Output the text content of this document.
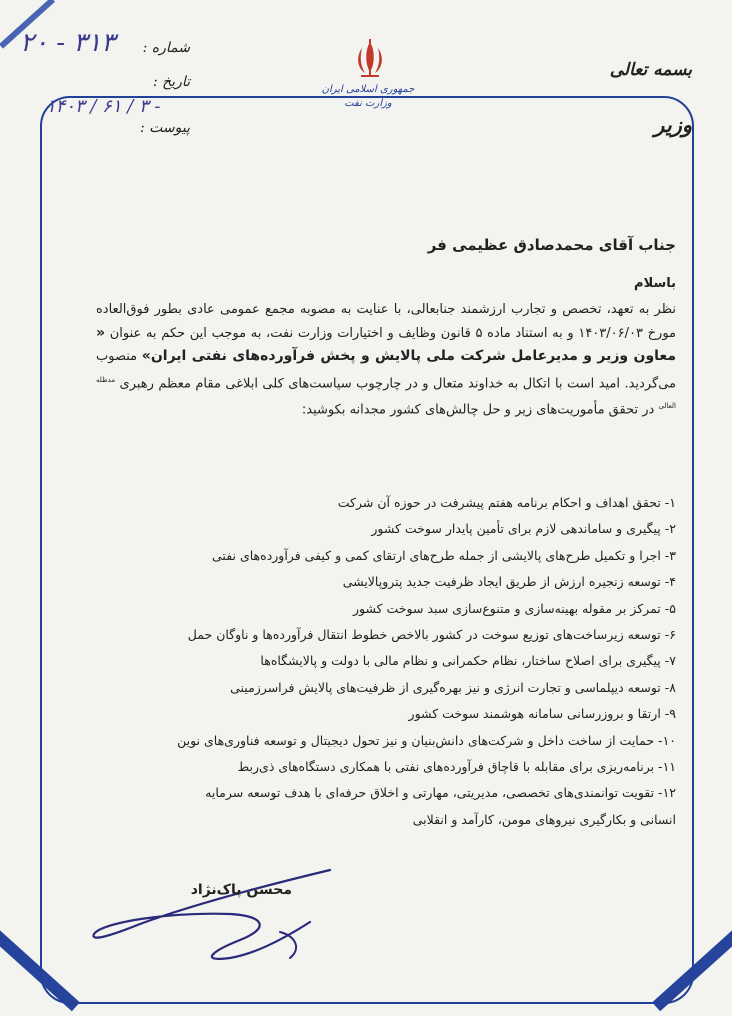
جمهوری اسلامی ایران
وزارت نفت
بسمه تعالی
وزیر
شماره :
۲۰ - ۳۱۳
تاریخ :
۱۴۰۳ / ۶۱ / ۳ -
پیوست :
جناب آقای محمدصادق عظیمی فر
باسلام
نظر به تعهد، تخصص و تجارب ارزشمند جنابعالی، با عنایت به مصوبه مجمع عمومی عادی بطور فوق‌العاده مورخ ۱۴۰۳/۰۶/۰۳ و به استناد ماده ۵ قانون وظایف و اختیارات وزارت نفت، به موجب این حکم به عنوان « معاون وزیر و مدیرعامل شرکت ملی پالایش و پخش فرآورده‌های نفتی ایران» منصوب می‌گردید. امید است با اتکال به خداوند متعال و در چارچوب سیاست‌های کلی ابلاغی مقام معظم رهبری $^{مدظله العالی}$ در تحقق مأموریت‌های زیر و حل چالش‌های کشور مجدانه بکوشید:
۱- تحقق اهداف و احکام برنامه هفتم پیشرفت در حوزه آن شرکت
۲- پیگیری و ساماندهی لازم برای تأمین پایدار سوخت کشور
۳- اجرا و تکمیل طرح‌های پالایشی از جمله طرح‌های ارتقای کمی و کیفی فرآورده‌های نفتی
۴- توسعه زنجیره ارزش از طریق ایجاد ظرفیت جدید پتروپالایشی
۵- تمرکز بر مقوله بهینه‌سازی و متنوع‌سازی سبد سوخت کشور
۶- توسعه زیرساخت‌های توزیع سوخت در کشور بالاخص خطوط انتقال فرآورده‌ها و ناوگان حمل
۷- پیگیری برای اصلاح ساختار، نظام حکمرانی و نظام مالی با دولت و پالایشگاه‌ها
۸- توسعه دیپلماسی و تجارت انرژی و نیز بهره‌گیری از ظرفیت‌های پالایش فراسرزمینی
۹- ارتقا و بروزرسانی سامانه هوشمند سوخت کشور
۱۰- حمایت از ساخت داخل و شرکت‌های دانش‌بنیان و نیز تحول دیجیتال و توسعه فناوری‌های نوین
۱۱- برنامه‌ریزی برای مقابله با قاچاق فرآورده‌های نفتی با همکاری دستگاه‌های ذی‌ربط
۱۲- تقویت توانمندی‌های تخصصی، مدیریتی، مهارتی و اخلاق حرفه‌ای با هدف توسعه سرمایه
انسانی و بکارگیری نیروهای مومن، کارآمد و انقلابی
محسن پاک‌نژاد
